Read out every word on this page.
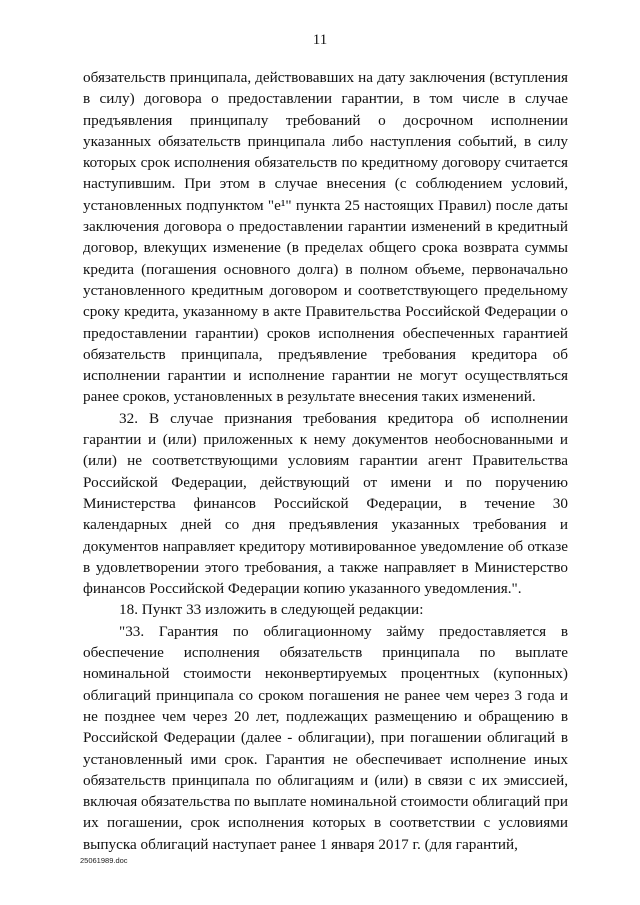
11

обязательств принципала, действовавших на дату заключения (вступления в силу) договора о предоставлении гарантии, в том числе в случае предъявления принципалу требований о досрочном исполнении указанных обязательств принципала либо наступления событий, в силу которых срок исполнения обязательств по кредитному договору считается наступившим. При этом в случае внесения (с соблюдением условий, установленных подпунктом "е¹" пункта 25 настоящих Правил) после даты заключения договора о предоставлении гарантии изменений в кредитный договор, влекущих изменение (в пределах общего срока возврата суммы кредита (погашения основного долга) в полном объеме, первоначально установленного кредитным договором и соответствующего предельному сроку кредита, указанному в акте Правительства Российской Федерации о предоставлении гарантии) сроков исполнения обеспеченных гарантией обязательств принципала, предъявление требования кредитора об исполнении гарантии и исполнение гарантии не могут осуществляться ранее сроков, установленных в результате внесения таких изменений.

32. В случае признания требования кредитора об исполнении гарантии и (или) приложенных к нему документов необоснованными и (или) не соответствующими условиям гарантии агент Правительства Российской Федерации, действующий от имени и по поручению Министерства финансов Российской Федерации, в течение 30 календарных дней со дня предъявления указанных требования и документов направляет кредитору мотивированное уведомление об отказе в удовлетворении этого требования, а также направляет в Министерство финансов Российской Федерации копию указанного уведомления.".

18. Пункт 33 изложить в следующей редакции:

"33. Гарантия по облигационному займу предоставляется в обеспечение исполнения обязательств принципала по выплате номинальной стоимости неконвертируемых процентных (купонных) облигаций принципала со сроком погашения не ранее чем через 3 года и не позднее чем через 20 лет, подлежащих размещению и обращению в Российской Федерации (далее - облигации), при погашении облигаций в установленный ими срок. Гарантия не обеспечивает исполнение иных обязательств принципала по облигациям и (или) в связи с их эмиссией, включая обязательства по выплате номинальной стоимости облигаций при их погашении, срок исполнения которых в соответствии с условиями выпуска облигаций наступает ранее 1 января 2017 г. (для гарантий,

25061989.doc
